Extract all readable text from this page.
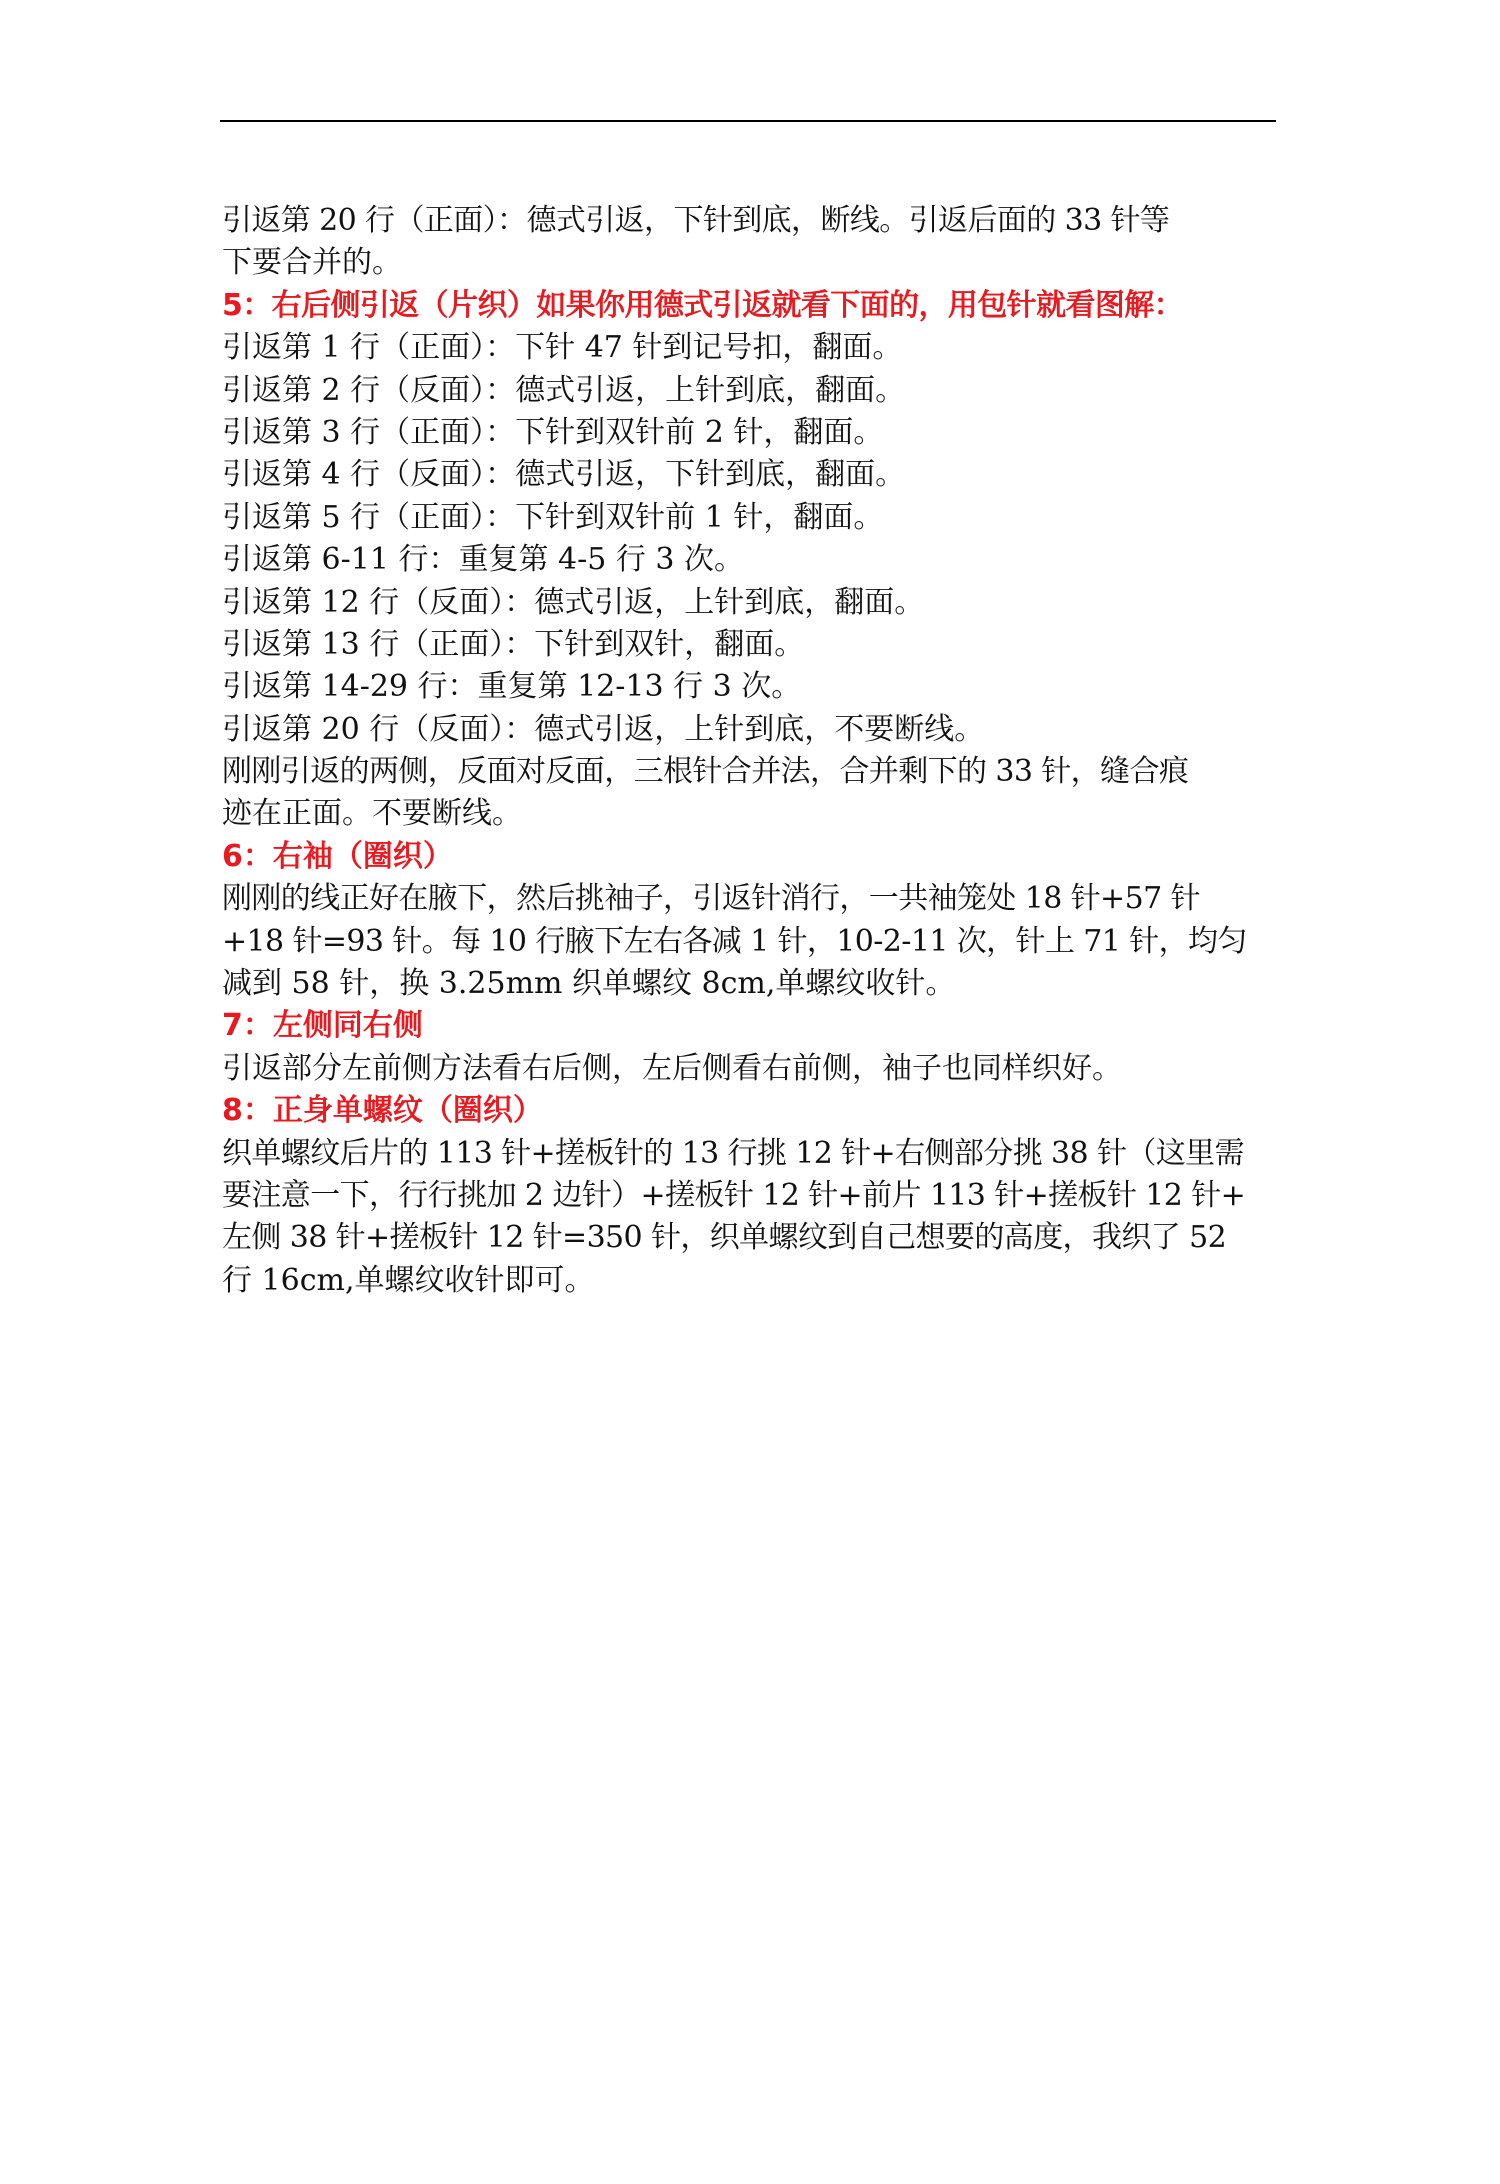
引返第 20 行（正面）：德式引返，下针到底，断线。引返后面的 33 针等
下要合并的。
5：右后侧引返（片织）如果你用德式引返就看下面的，用包针就看图解：
引返第 1 行（正面）：下针 47 针到记号扣，翻面。
引返第 2 行（反面）：德式引返，上针到底，翻面。
引返第 3 行（正面）：下针到双针前 2 针，翻面。
引返第 4 行（反面）：德式引返，下针到底，翻面。
引返第 5 行（正面）：下针到双针前 1 针，翻面。
引返第 6-11 行：重复第 4-5 行 3 次。
引返第 12 行（反面）：德式引返，上针到底，翻面。
引返第 13 行（正面）：下针到双针，翻面。
引返第 14-29 行：重复第 12-13 行 3 次。
引返第 20 行（反面）：德式引返，上针到底，不要断线。
刚刚引返的两侧，反面对反面，三根针合并法，合并剩下的 33 针，缝合痕
迹在正面。不要断线。
6：右袖（圈织）
刚刚的线正好在腋下，然后挑袖子，引返针消行，一共袖笼处 18 针+57 针
+18 针=93 针。每 10 行腋下左右各减 1 针，10-2-11 次，针上 71 针，均匀
减到 58 针，换 3.25mm 织单螺纹 8cm,单螺纹收针。
7：左侧同右侧
引返部分左前侧方法看右后侧，左后侧看右前侧，袖子也同样织好。
8：正身单螺纹（圈织）
织单螺纹后片的 113 针+搓板针的 13 行挑 12 针+右侧部分挑 38 针（这里需
要注意一下，行行挑加 2 边针）+搓板针 12 针+前片 113 针+搓板针 12 针+
左侧 38 针+搓板针 12 针=350 针，织单螺纹到自己想要的高度，我织了 52
行 16cm,单螺纹收针即可。
